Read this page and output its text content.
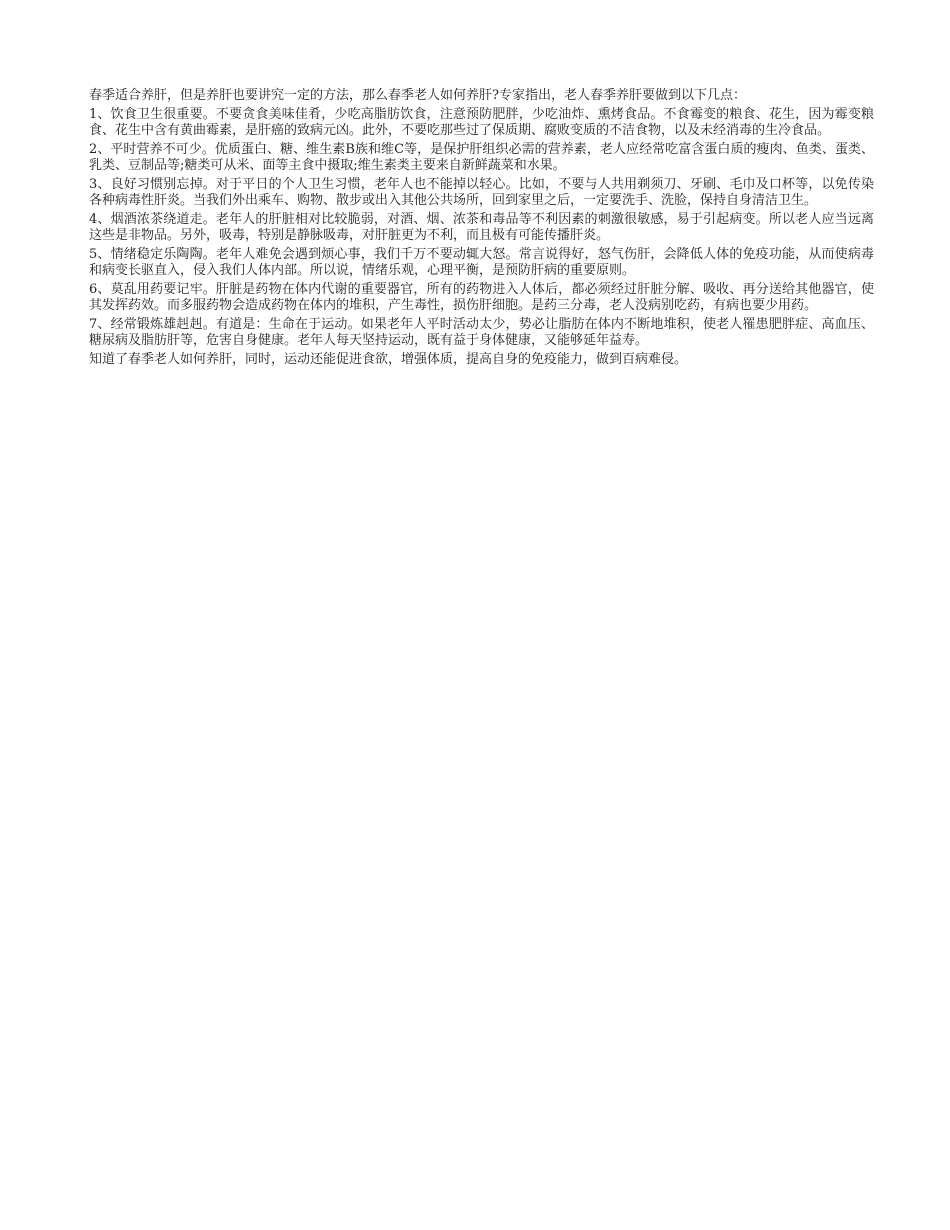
春季适合养肝，但是养肝也要讲究一定的方法，那么春季老人如何养肝?专家指出，老人春季养肝要做到以下几点：

1、饮食卫生很重要。不要贪食美味佳肴，少吃高脂肪饮食，注意预防肥胖，少吃油炸、熏烤食品。不食霉变的粮食、花生，因为霉变粮食、花生中含有黄曲霉素，是肝癌的致病元凶。此外，不要吃那些过了保质期、腐败变质的不洁食物，以及未经消毒的生冷食品。

2、平时营养不可少。优质蛋白、糖、维生素B族和维C等，是保护肝组织必需的营养素，老人应经常吃富含蛋白质的瘦肉、鱼类、蛋类、乳类、豆制品等;糖类可从米、面等主食中摄取;维生素类主要来自新鲜蔬菜和水果。

3、良好习惯别忘掉。对于平日的个人卫生习惯，老年人也不能掉以轻心。比如，不要与人共用剃须刀、牙刷、毛巾及口杯等，以免传染各种病毒性肝炎。当我们外出乘车、购物、散步或出入其他公共场所，回到家里之后，一定要洗手、洗脸，保持自身清洁卫生。

4、烟酒浓茶绕道走。老年人的肝脏相对比较脆弱，对酒、烟、浓茶和毒品等不利因素的刺激很敏感，易于引起病变。所以老人应当远离这些是非物品。另外，吸毒，特别是静脉吸毒，对肝脏更为不利，而且极有可能传播肝炎。

5、情绪稳定乐陶陶。老年人难免会遇到烦心事，我们千万不要动辄大怒。常言说得好，怒气伤肝，会降低人体的免疫功能，从而使病毒和病变长驱直入，侵入我们人体内部。所以说，情绪乐观，心理平衡，是预防肝病的重要原则。

6、莫乱用药要记牢。肝脏是药物在体内代谢的重要器官，所有的药物进入人体后，都必须经过肝脏分解、吸收、再分送给其他器官，使其发挥药效。而多服药物会造成药物在体内的堆积，产生毒性，损伤肝细胞。是药三分毒，老人没病别吃药，有病也要少用药。

7、经常锻炼雄赳赳。有道是：生命在于运动。如果老年人平时活动太少，势必让脂肪在体内不断地堆积，使老人罹患肥胖症、高血压、糖尿病及脂肪肝等，危害自身健康。老年人每天坚持运动，既有益于身体健康，又能够延年益寿。

知道了春季老人如何养肝，同时，运动还能促进食欲，增强体质，提高自身的免疫能力，做到百病难侵。
